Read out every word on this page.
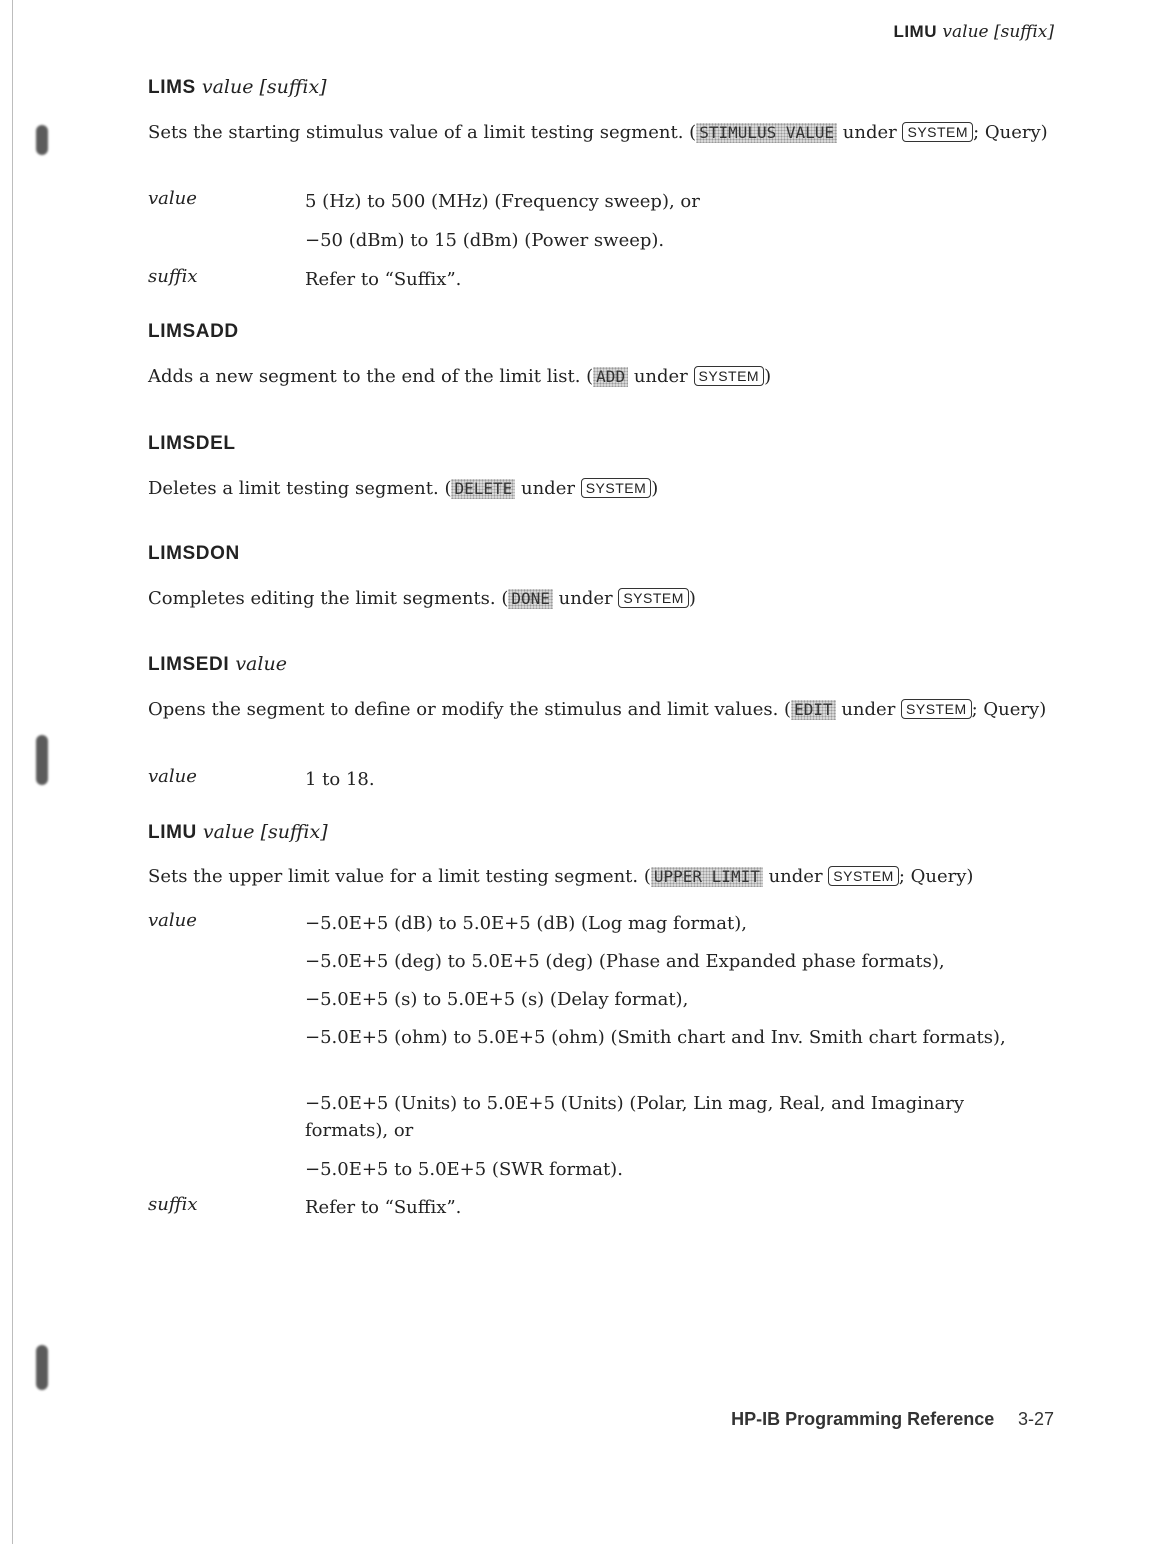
LIMU value [suffix]
LIMS value [suffix]
Sets the starting stimulus value of a limit testing segment. ( STIMULUS VALUE under SYSTEM ; Query)
value	5 (Hz) to 500 (MHz) (Frequency sweep), or
−50 (dBm) to 15 (dBm) (Power sweep).
suffix	Refer to “Suffix”.
LIMSADD
Adds a new segment to the end of the limit list. ( ADD under SYSTEM )
LIMSDEL
Deletes a limit testing segment. ( DELETE under SYSTEM )
LIMSDON
Completes editing the limit segments. ( DONE under SYSTEM )
LIMSEDI value
Opens the segment to define or modify the stimulus and limit values. ( EDIT under SYSTEM ; Query)
value	1 to 18.
LIMU value [suffix]
Sets the upper limit value for a limit testing segment. ( UPPER LIMIT under SYSTEM ; Query)
value	−5.0E+5 (dB) to 5.0E+5 (dB) (Log mag format),
−5.0E+5 (deg) to 5.0E+5 (deg) (Phase and Expanded phase formats),
−5.0E+5 (s) to 5.0E+5 (s) (Delay format),
−5.0E+5 (ohm) to 5.0E+5 (ohm) (Smith chart and Inv. Smith chart formats),
−5.0E+5 (Units) to 5.0E+5 (Units) (Polar, Lin mag, Real, and Imaginary formats), or
−5.0E+5 to 5.0E+5 (SWR format).
suffix	Refer to “Suffix”.
HP-IB Programming Reference 3-27
